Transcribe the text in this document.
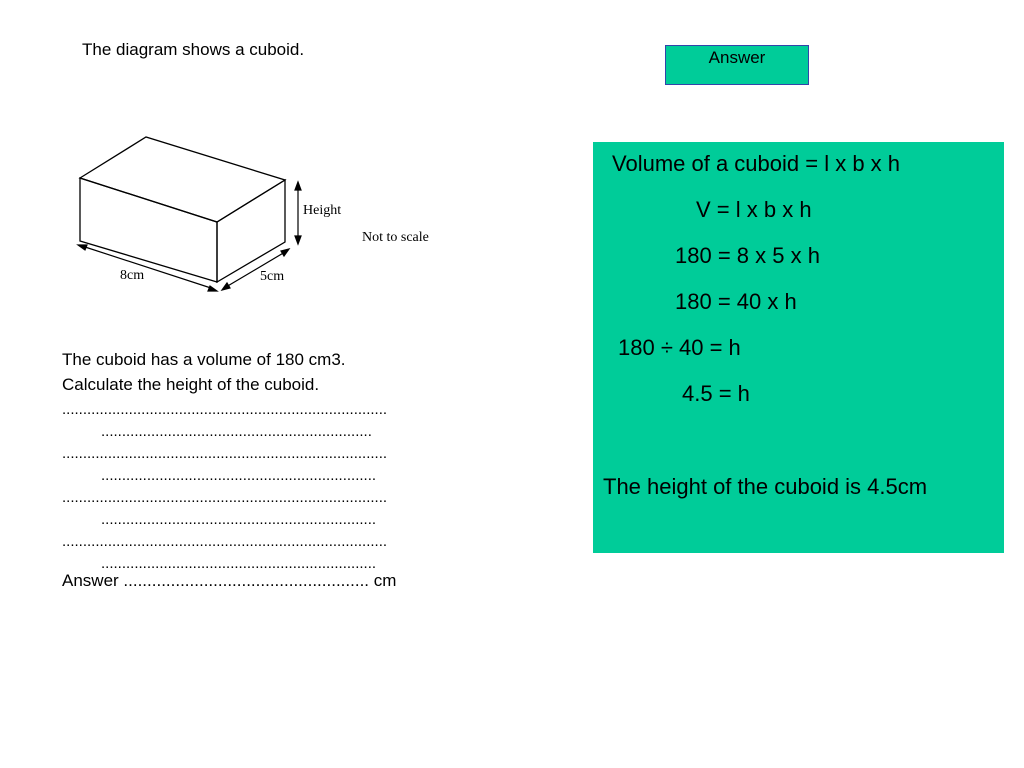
The diagram shows a cuboid.	Answer
Height
8cm	5cm
Not to scale
The cuboid has a volume of 180 cm3.
Calculate the height of the cuboid.
..............................................................................
.................................................................
..............................................................................
..................................................................
..............................................................................
..................................................................
..............................................................................
..................................................................
Answer .................................................... cm
Volume of a cuboid = l x b x h
V = l x b x h
180 = 8 x 5 x h
180 = 40 x h
180 ÷ 40 = h
4.5 = h
The height of the cuboid is 4.5cm
